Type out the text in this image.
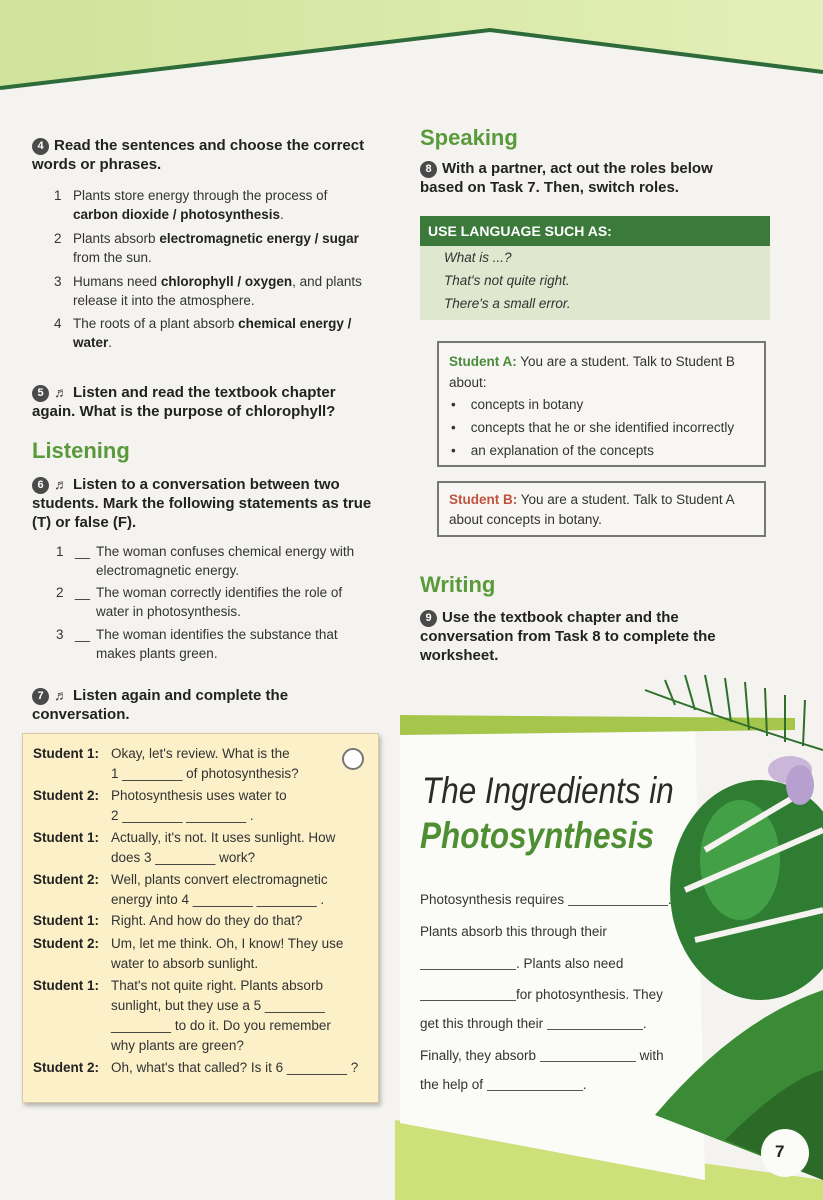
4 Read the sentences and choose the correct words or phrases.
1 Plants store energy through the process of carbon dioxide / photosynthesis.
2 Plants absorb electromagnetic energy / sugar from the sun.
3 Humans need chlorophyll / oxygen, and plants release it into the atmosphere.
4 The roots of a plant absorb chemical energy / water.
5 ♬ Listen and read the textbook chapter again. What is the purpose of chlorophyll?
Listening
6 ♬ Listen to a conversation between two students. Mark the following statements as true (T) or false (F).
1 __ The woman confuses chemical energy with electromagnetic energy.
2 __ The woman correctly identifies the role of water in photosynthesis.
3 __ The woman identifies the substance that makes plants green.
7 ♬ Listen again and complete the conversation.
Student 1: Okay, let's review. What is the
1 ________ of photosynthesis?
Student 2: Photosynthesis uses water to
2 ________ ________ .
Student 1: Actually, it's not. It uses sunlight. How
does 3 ________ work?
Student 2: Well, plants convert electromagnetic
energy into 4 ________ ________ .
Student 1: Right. And how do they do that?
Student 2: Um, let me think. Oh, I know! They use
water to absorb sunlight.
Student 1: That's not quite right. Plants absorb
sunlight, but they use a 5 ________
________ to do it. Do you remember
why plants are green?
Student 2: Oh, what's that called? Is it 6 ________ ?
Speaking
8 With a partner, act out the roles below based on Task 7. Then, switch roles.
USE LANGUAGE SUCH AS:
What is ...?
That's not quite right.
There's a small error.
Student A: You are a student. Talk to Student B about:
• concepts in botany
• concepts that he or she identified incorrectly
• an explanation of the concepts
Student B: You are a student. Talk to Student A about concepts in botany.
Writing
9 Use the textbook chapter and the conversation from Task 8 to complete the worksheet.
The Ingredients in
Photosynthesis
Photosynthesis requires	.
Plants absorb this through their
. Plants also need
for photosynthesis. They
get this through their	.
Finally, they absorb	with
the help of	.
7
